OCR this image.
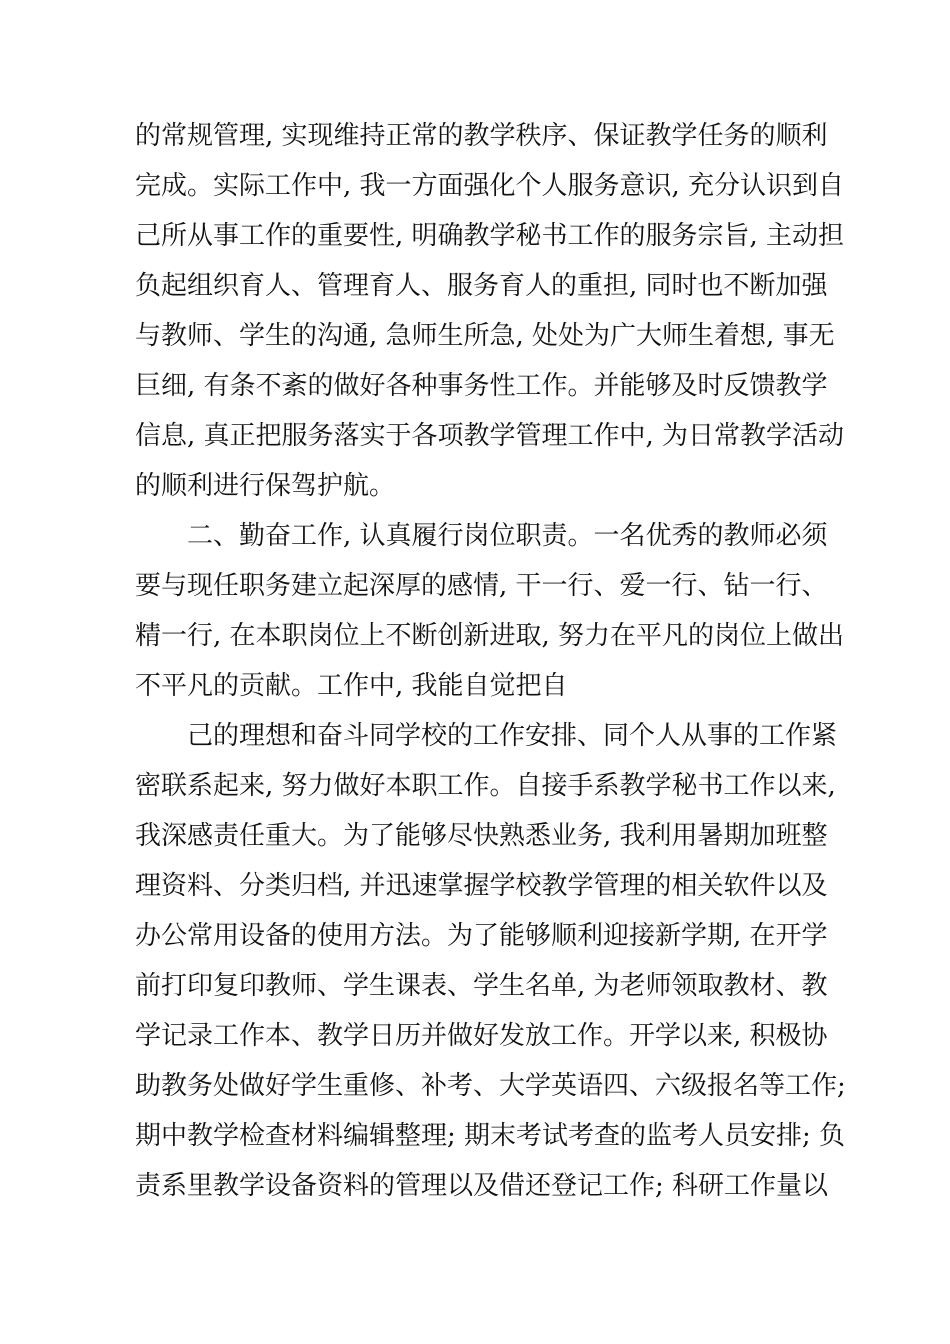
的常规管理, 实现维持正常的教学秩序、保证教学任务的顺利
完成。实际工作中, 我一方面强化个人服务意识, 充分认识到自
己所从事工作的重要性, 明确教学秘书工作的服务宗旨, 主动担
负起组织育人、管理育人、服务育人的重担, 同时也不断加强
与教师、学生的沟通, 急师生所急, 处处为广大师生着想, 事无
巨细, 有条不紊的做好各种事务性工作。并能够及时反馈教学
信息, 真正把服务落实于各项教学管理工作中, 为日常教学活动
的顺利进行保驾护航。
二、勤奋工作, 认真履行岗位职责。一名优秀的教师必须
要与现任职务建立起深厚的感情, 干一行、爱一行、钻一行、
精一行, 在本职岗位上不断创新进取, 努力在平凡的岗位上做出
不平凡的贡献。工作中, 我能自觉把自
己的理想和奋斗同学校的工作安排、同个人从事的工作紧
密联系起来, 努力做好本职工作。自接手系教学秘书工作以来,
我深感责任重大。为了能够尽快熟悉业务, 我利用暑期加班整
理资料、分类归档, 并迅速掌握学校教学管理的相关软件以及
办公常用设备的使用方法。为了能够顺利迎接新学期, 在开学
前打印复印教师、学生课表、学生名单, 为老师领取教材、教
学记录工作本、教学日历并做好发放工作。开学以来, 积极协
助教务处做好学生重修、补考、大学英语四、六级报名等工作;
期中教学检查材料编辑整理; 期末考试考查的监考人员安排; 负
责系里教学设备资料的管理以及借还登记工作; 科研工作量以
